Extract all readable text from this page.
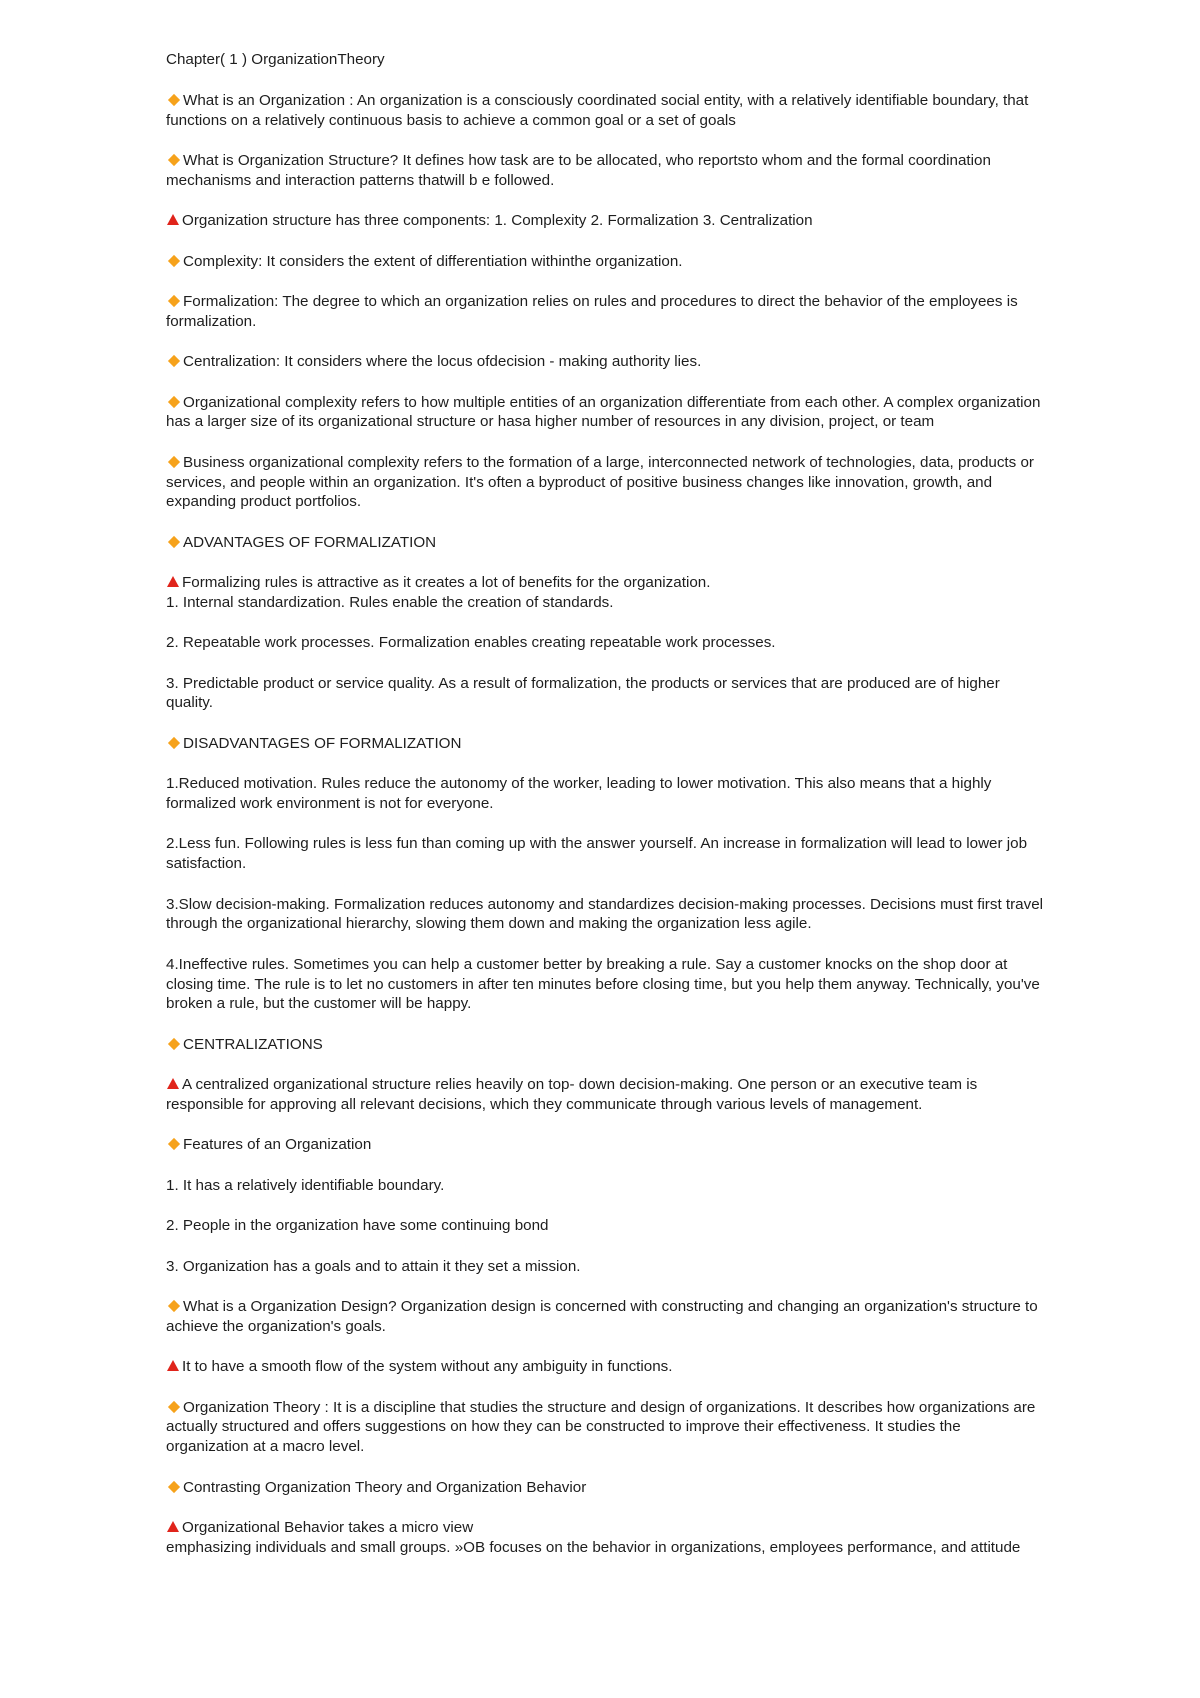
Chapter( 1 ) OrganizationTheory

What is an Organization : An organization is a consciously coordinated social entity, with a relatively identifiable boundary, that functions on a relatively continuous basis to achieve a common goal or a set of goals

What is Organization Structure? It defines how task are to be allocated, who reportsto whom and the formal coordination mechanisms and interaction patterns thatwill b e followed.

Organization structure has three components: 1. Complexity 2. Formalization 3. Centralization

Complexity: It considers the extent of differentiation withinthe organization.

Formalization: The degree to which an organization relies on rules and procedures to direct the behavior of the employees is formalization.

Centralization: It considers where the locus ofdecision - making authority lies.

Organizational complexity refers to how multiple entities of an organization differentiate from each other. A complex organization has a larger size of its organizational structure or hasa higher number of resources in any division, project, or team

Business organizational complexity refers to the formation of a large, interconnected network of technologies, data, products or services, and people within an organization. It's often a byproduct of positive business changes like innovation, growth, and expanding product portfolios.

ADVANTAGES OF FORMALIZATION

Formalizing rules is attractive as it creates a lot of benefits for the organization.

1. Internal standardization. Rules enable the creation of standards.

2. Repeatable work processes. Formalization enables creating repeatable work processes.

3. Predictable product or service quality. As a result of formalization, the products or services that are produced are of higher quality.

DISADVANTAGES OF FORMALIZATION

1.Reduced motivation. Rules reduce the autonomy of the worker, leading to lower motivation. This also means that a highly formalized work environment is not for everyone.

2.Less fun. Following rules is less fun than coming up with the answer yourself. An increase in formalization will lead to lower job satisfaction.

3.Slow decision-making. Formalization reduces autonomy and standardizes decision-making processes. Decisions must first travel through the organizational hierarchy, slowing them down and making the organization less agile.

4.Ineffective rules. Sometimes you can help a customer better by breaking a rule. Say a customer knocks on the shop door at closing time. The rule is to let no customers in after ten minutes before closing time, but you help them anyway. Technically, you've broken a rule, but the customer will be happy.

CENTRALIZATIONS

A centralized organizational structure relies heavily on top- down decision-making. One person or an executive team is responsible for approving all relevant decisions, which they communicate through various levels of management.

Features of an Organization

1. It has a relatively identifiable boundary.

2. People in the organization have some continuing bond

3. Organization has a goals and to attain it they set a mission.

What is a Organization Design? Organization design is concerned with constructing and changing an organization's structure to achieve the organization's goals.

It to have a smooth flow of the system without any ambiguity in functions.

Organization Theory : It is a discipline that studies the structure and design of organizations. It describes how organizations are actually structured and offers suggestions on how they can be constructed to improve their effectiveness. It studies the organization at a macro level.

Contrasting Organization Theory and Organization Behavior

Organizational Behavior takes a micro view

emphasizing individuals and small groups. »OB focuses on the behavior in organizations, employees performance, and attitude
